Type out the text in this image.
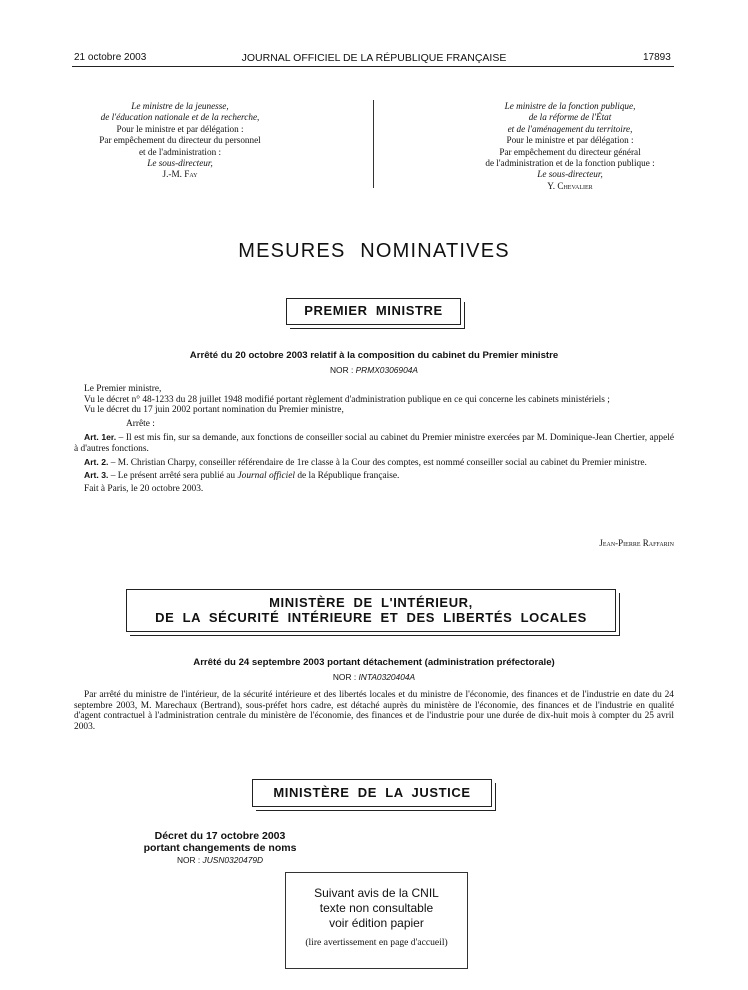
21 octobre 2003	JOURNAL OFFICIEL DE LA RÉPUBLIQUE FRANÇAISE	17893
Le ministre de la jeunesse,
de l'éducation nationale et de la recherche,
Pour le ministre et par délégation :
Par empêchement du directeur du personnel
et de l'administration :
Le sous-directeur,
J.-M. Fay
Le ministre de la fonction publique,
de la réforme de l'État
et de l'aménagement du territoire,
Pour le ministre et par délégation :
Par empêchement du directeur général
de l'administration et de la fonction publique :
Le sous-directeur,
Y. Chevalier
MESURES NOMINATIVES
PREMIER MINISTRE
Arrêté du 20 octobre 2003 relatif à la composition du cabinet du Premier ministre
NOR : PRMX0306904A

Le Premier ministre,

Vu le décret n° 48-1233 du 28 juillet 1948 modifié portant règlement d'administration publique en ce qui concerne les cabinets ministériels ;

Vu le décret du 17 juin 2002 portant nomination du Premier ministre,

Arrête :

Art. 1er. – Il est mis fin, sur sa demande, aux fonctions de conseiller social au cabinet du Premier ministre exercées par M. Dominique-Jean Chertier, appelé à d'autres fonctions.

Art. 2. – M. Christian Charpy, conseiller référendaire de 1re classe à la Cour des comptes, est nommé conseiller social au cabinet du Premier ministre.

Art. 3. – Le présent arrêté sera publié au Journal officiel de la République française.

Fait à Paris, le 20 octobre 2003.

Jean-Pierre Raffarin
MINISTÈRE DE L'INTÉRIEUR,
DE LA SÉCURITÉ INTÉRIEURE ET DES LIBERTÉS LOCALES
Arrêté du 24 septembre 2003 portant détachement (administration préfectorale)
NOR : INTA0320404A

Par arrêté du ministre de l'intérieur, de la sécurité intérieure et des libertés locales et du ministre de l'économie, des finances et de l'industrie en date du 24 septembre 2003, M. Marechaux (Bertrand), sous-préfet hors cadre, est détaché auprès du ministère de l'économie, des finances et de l'industrie en qualité d'agent contractuel à l'administration centrale du ministère de l'économie, des finances et de l'industrie pour une durée de dix-huit mois à compter du 25 avril 2003.

MINISTÈRE DE LA JUSTICE
Décret du 17 octobre 2003
portant changements de noms
NOR : JUSN0320479D
Suivant avis de la CNIL
texte non consultable
voir édition papier
(lire avertissement en page d'accueil)
